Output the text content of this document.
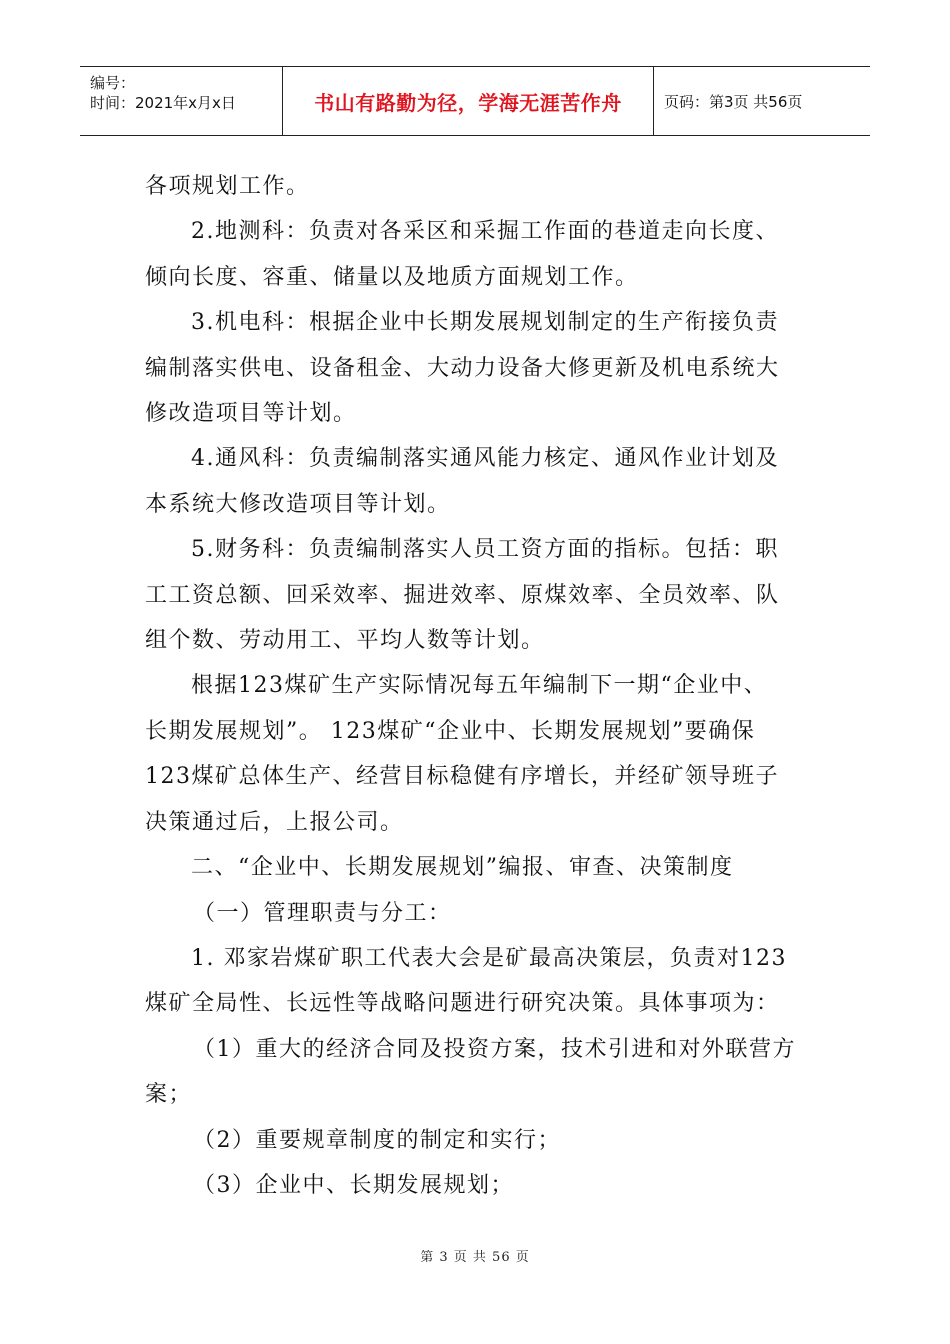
编号：
时间：2021年x月x日	书山有路勤为径，学海无涯苦作舟	页码：第3页 共56页

各项规划工作。

2.地测科：负责对各采区和采掘工作面的巷道走向长度、

倾向长度、容重、储量以及地质方面规划工作。

3.机电科：根据企业中长期发展规划制定的生产衔接负责

编制落实供电、设备租金、大动力设备大修更新及机电系统大

修改造项目等计划。

4.通风科：负责编制落实通风能力核定、通风作业计划及

本系统大修改造项目等计划。

5.财务科：负责编制落实人员工资方面的指标。包括：职

工工资总额、回采效率、掘进效率、原煤效率、全员效率、队

组个数、劳动用工、平均人数等计划。

根据123煤矿生产实际情况每五年编制下一期“企业中、

长期发展规划”。 123煤矿“企业中、长期发展规划”要确保

123煤矿总体生产、经营目标稳健有序增长，并经矿领导班子

决策通过后，上报公司。

二、“企业中、长期发展规划”编报、审查、决策制度

（一）管理职责与分工：

1. 邓家岩煤矿职工代表大会是矿最高决策层，负责对123

煤矿全局性、长远性等战略问题进行研究决策。具体事项为：

（1）重大的经济合同及投资方案，技术引进和对外联营方

案；

（2）重要规章制度的制定和实行；

（3）企业中、长期发展规划；

第 3 页 共 56 页
